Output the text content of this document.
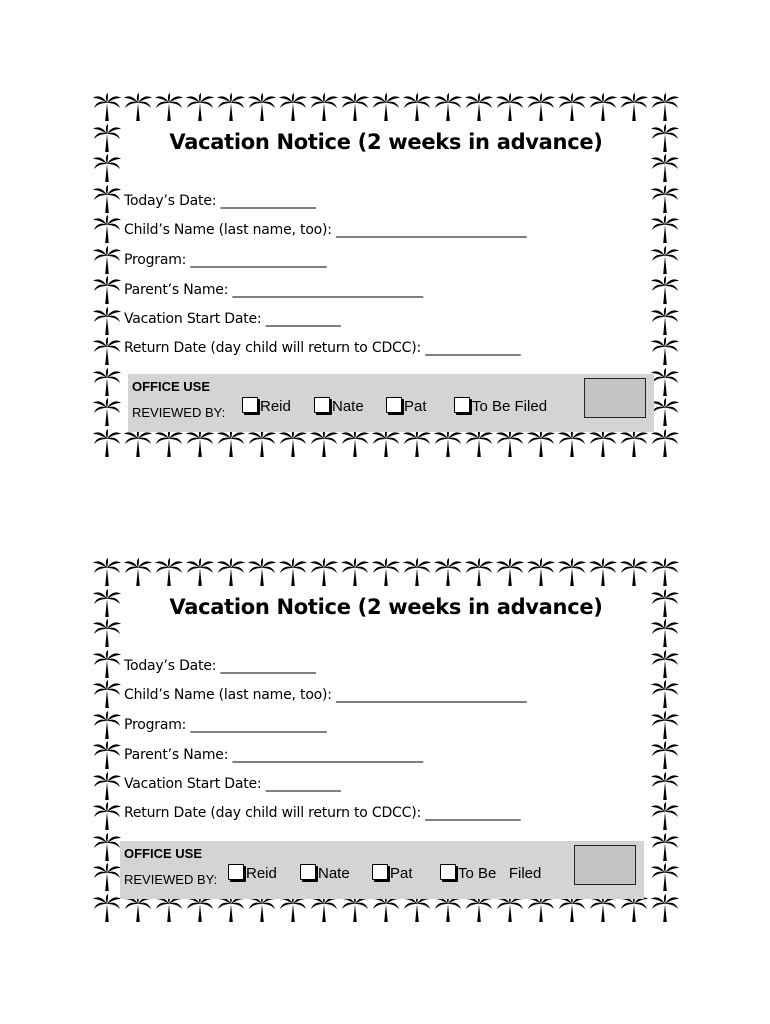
Vacation Notice (2 weeks in advance)
Today’s Date: ______________
Child’s Name (last name, too): ____________________________
Program: ____________________
Parent’s Name: ____________________________
Vacation Start Date: ___________
Return Date (day child will return to CDCC): ______________
OFFICE USE
REVIEWED BY: Reid	Nate	Pat	To Be Filed
Vacation Notice (2 weeks in advance)
Today’s Date: ______________
Child’s Name (last name, too): ____________________________
Program: ____________________
Parent’s Name: ____________________________
Vacation Start Date: ___________
Return Date (day child will return to CDCC): ______________
OFFICE USE
REVIEWED BY: Reid	Nate	Pat	To Be   Filed
